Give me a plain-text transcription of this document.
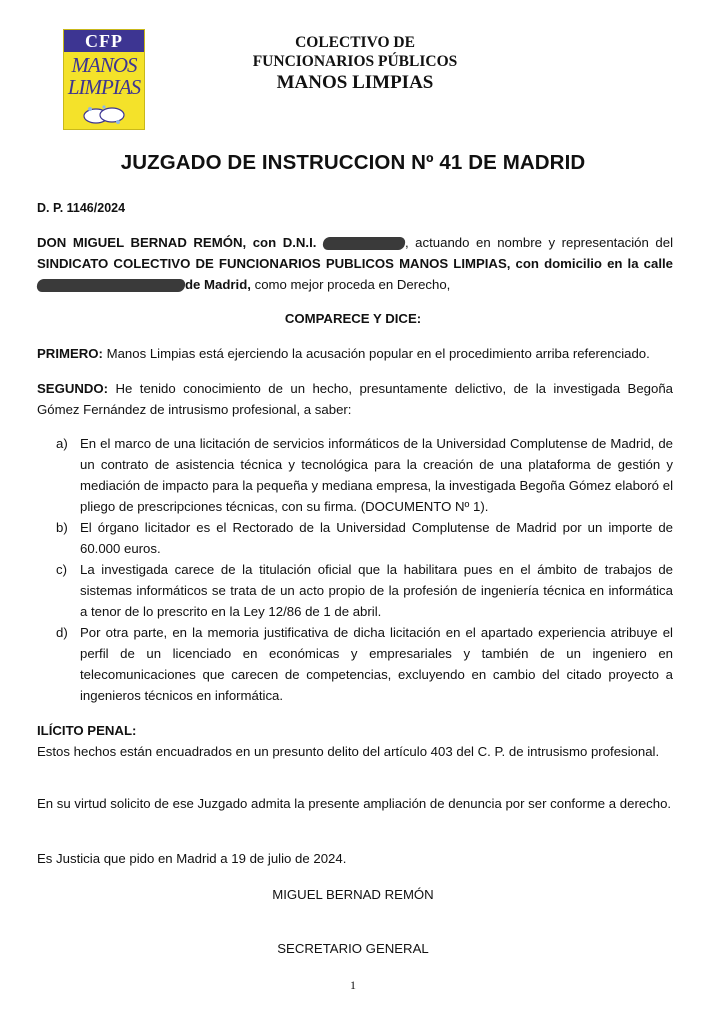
CFP
MANOS
LIMPIAS
COLECTIVO DE
FUNCIONARIOS PÚBLICOS
MANOS LIMPIAS
JUZGADO DE INSTRUCCION Nº 41 DE MADRID
D. P. 1146/2024
DON MIGUEL BERNAD REMÓN, con D.N.I.	, actuando en nombre y representación del SINDICATO COLECTIVO DE FUNCIONARIOS PUBLICOS MANOS LIMPIAS, con domicilio en la calle de Madrid, como mejor proceda en Derecho,
COMPARECE Y DICE:
PRIMERO: Manos Limpias está ejerciendo la acusación popular en el procedimiento arriba referenciado.
SEGUNDO: He tenido conocimiento de un hecho, presuntamente delictivo, de la investigada Begoña Gómez Fernández de intrusismo profesional, a saber:
a) En el marco de una licitación de servicios informáticos de la Universidad Complutense de Madrid, de un contrato de asistencia técnica y tecnológica para la creación de una plataforma de gestión y mediación de impacto para la pequeña y mediana empresa, la investigada Begoña Gómez elaboró el pliego de prescripciones técnicas, con su firma. (DOCUMENTO Nº 1).
b) El órgano licitador es el Rectorado de la Universidad Complutense de Madrid por un importe de 60.000 euros.
c) La investigada carece de la titulación oficial que la habilitara pues en el ámbito de trabajos de sistemas informáticos se trata de un acto propio de la profesión de ingeniería técnica en informática a tenor de lo prescrito en la Ley 12/86 de 1 de abril.
d) Por otra parte, en la memoria justificativa de dicha licitación en el apartado experiencia atribuye el perfil de un licenciado en económicas y empresariales y también de un ingeniero en telecomunicaciones que carecen de competencias, excluyendo en cambio del citado proyecto a ingenieros técnicos en informática.
ILÍCITO PENAL:
Estos hechos están encuadrados en un presunto delito del artículo 403 del C. P. de intrusismo profesional.
En su virtud solicito de ese Juzgado admita la presente ampliación de denuncia por ser conforme a derecho.
Es Justicia que pido en Madrid a 19 de julio de 2024.
MIGUEL BERNAD REMÓN
SECRETARIO GENERAL
1
